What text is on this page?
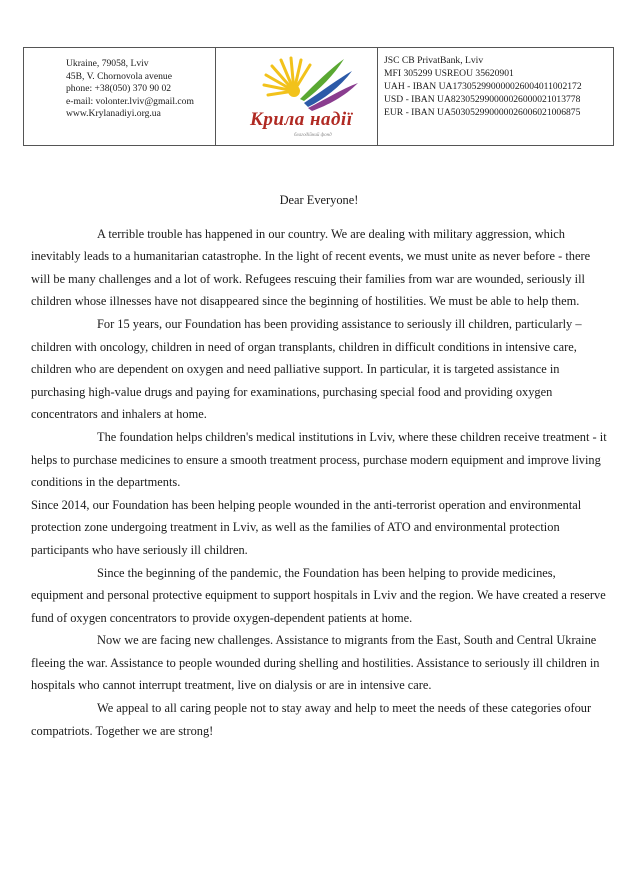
Ukraine, 79058, Lviv
45B, V. Chornovola avenue
phone: +38(050) 370 90 02
e-mail: volonter.lviv@gmail.com
www.Krylanadiyi.org.ua	Крила надії
благодійний фонд
JSC CB PrivatBank, Lviv
MFI 305299 USREOU 35620901
UAH - IBAN UA173052990000026004011002172
USD - IBAN UA823052990000026000021013778
EUR - IBAN UA503052990000026006021006875

Dear Everyone!

A terrible trouble has happened in our country. We are dealing with military aggression, which inevitably leads to a humanitarian catastrophe. In the light of recent events, we must unite as never before - there will be many challenges and a lot of work. Refugees rescuing their families from war are wounded, seriously ill children whose illnesses have not disappeared since the beginning of hostilities. We must be able to help them.

For 15 years, our Foundation has been providing assistance to seriously ill children, particularly – children with oncology, children in need of organ transplants, children in difficult conditions in intensive care, children who are dependent on oxygen and need palliative support. In particular, it is targeted assistance in purchasing high-value drugs and paying for examinations, purchasing special food and providing oxygen concentrators and inhalers at home.

The foundation helps children's medical institutions in Lviv, where these children receive treatment - it helps to purchase medicines to ensure a smooth treatment process, purchase modern equipment and improve living conditions in the departments.

Since 2014, our Foundation has been helping people wounded in the anti-terrorist operation and environmental protection zone undergoing treatment in Lviv, as well as the families of ATO and environmental protection participants who have seriously ill children.

Since the beginning of the pandemic, the Foundation has been helping to provide medicines, equipment and personal protective equipment to support hospitals in Lviv and the region. We have created a reserve fund of oxygen concentrators to provide oxygen-dependent patients at home.

Now we are facing new challenges. Assistance to migrants from the East, South and Central Ukraine fleeing the war. Assistance to people wounded during shelling and hostilities. Assistance to seriously ill children in hospitals who cannot interrupt treatment, live on dialysis or are in intensive care.

We appeal to all caring people not to stay away and help to meet the needs of these categories ofour compatriots. Together we are strong!
